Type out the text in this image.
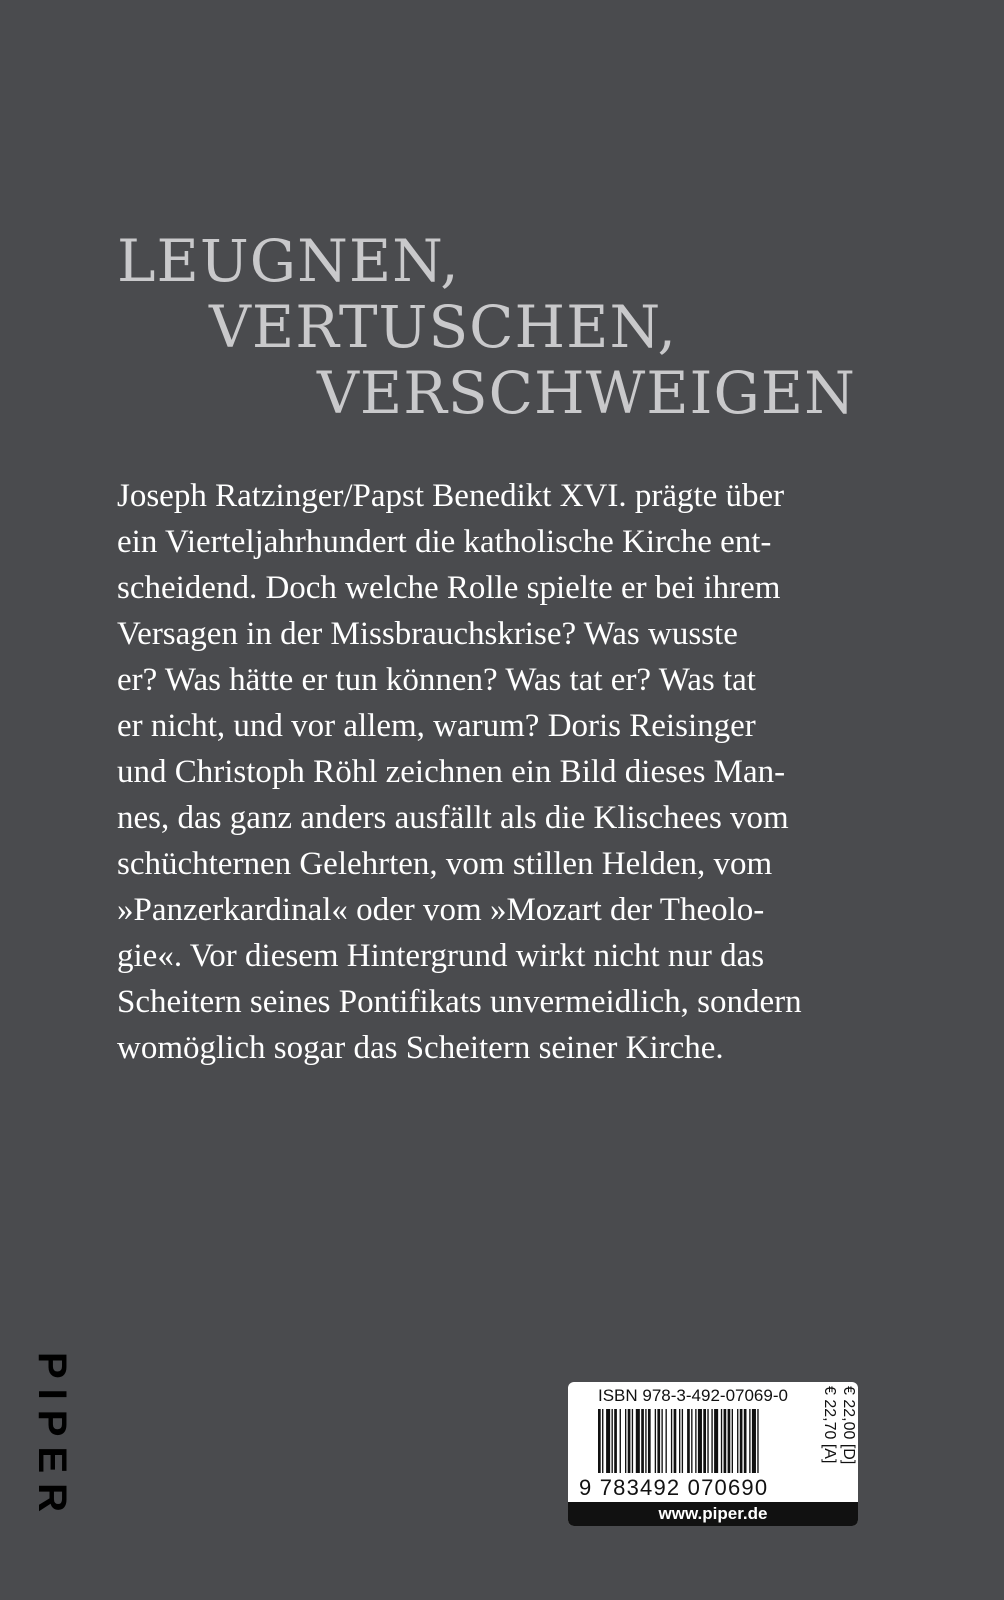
LEUGNEN,
VERTUSCHEN,
VERSCHWEIGEN
Joseph Ratzinger/Papst Benedikt XVI. prägte über
ein Vierteljahrhundert die katholische Kirche ent-
scheidend. Doch welche Rolle spielte er bei ihrem
Versagen in der Missbrauchskrise? Was wusste
er? Was hätte er tun können? Was tat er? Was tat
er nicht, und vor allem, warum? Doris Reisinger
und Christoph Röhl zeichnen ein Bild dieses Man-
nes, das ganz anders ausfällt als die Klischees vom
schüchternen Gelehrten, vom stillen Helden, vom
»Panzerkardinal« oder vom »Mozart der Theolo-
gie«. Vor diesem Hintergrund wirkt nicht nur das
Scheitern seines Pontifikats unvermeidlich, sondern
womöglich sogar das Scheitern seiner Kirche.
PIPER	ISBN 978-3-492-07069-0
9 783492 070690
€ 22,00 [D]
€ 22,70 [A]
www.piper.de
